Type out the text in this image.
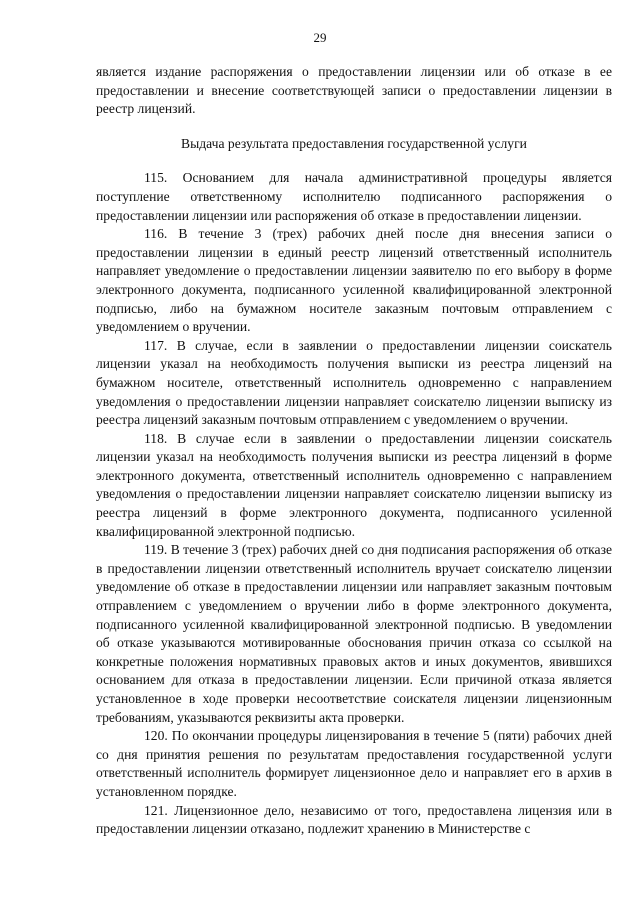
29

является издание распоряжения о предоставлении лицензии или об отказе в ее предоставлении и внесение соответствующей записи о предоставлении лицензии в реестр лицензий.

Выдача результата предоставления государственной услуги

115. Основанием для начала административной процедуры является поступление ответственному исполнителю подписанного распоряжения о предоставлении лицензии или распоряжения об отказе в предоставлении лицензии.

116. В течение 3 (трех) рабочих дней после дня внесения записи о предоставлении лицензии в единый реестр лицензий ответственный исполнитель направляет уведомление о предоставлении лицензии заявителю по его выбору в форме электронного документа, подписанного усиленной квалифицированной электронной подписью, либо на бумажном носителе заказным почтовым отправлением с уведомлением о вручении.

117. В случае, если в заявлении о предоставлении лицензии соискатель лицензии указал на необходимость получения выписки из реестра лицензий на бумажном носителе, ответственный исполнитель одновременно с направлением уведомления о предоставлении лицензии направляет соискателю лицензии выписку из реестра лицензий заказным почтовым отправлением с уведомлением о вручении.

118. В случае если в заявлении о предоставлении лицензии соискатель лицензии указал на необходимость получения выписки из реестра лицензий в форме электронного документа, ответственный исполнитель одновременно с направлением уведомления о предоставлении лицензии направляет соискателю лицензии выписку из реестра лицензий в форме электронного документа, подписанного усиленной квалифицированной электронной подписью.

119. В течение 3 (трех) рабочих дней со дня подписания распоряжения об отказе в предоставлении лицензии ответственный исполнитель вручает соискателю лицензии уведомление об отказе в предоставлении лицензии или направляет заказным почтовым отправлением с уведомлением о вручении либо в форме электронного документа, подписанного усиленной квалифицированной электронной подписью. В уведомлении об отказе указываются мотивированные обоснования причин отказа со ссылкой на конкретные положения нормативных правовых актов и иных документов, явившихся основанием для отказа в предоставлении лицензии. Если причиной отказа является установленное в ходе проверки несоответствие соискателя лицензии лицензионным требованиям, указываются реквизиты акта проверки.

120. По окончании процедуры лицензирования в течение 5 (пяти) рабочих дней со дня принятия решения по результатам предоставления государственной услуги ответственный исполнитель формирует лицензионное дело и направляет его в архив в установленном порядке.

121. Лицензионное дело, независимо от того, предоставлена лицензия или в предоставлении лицензии отказано, подлежит хранению в Министерстве с
